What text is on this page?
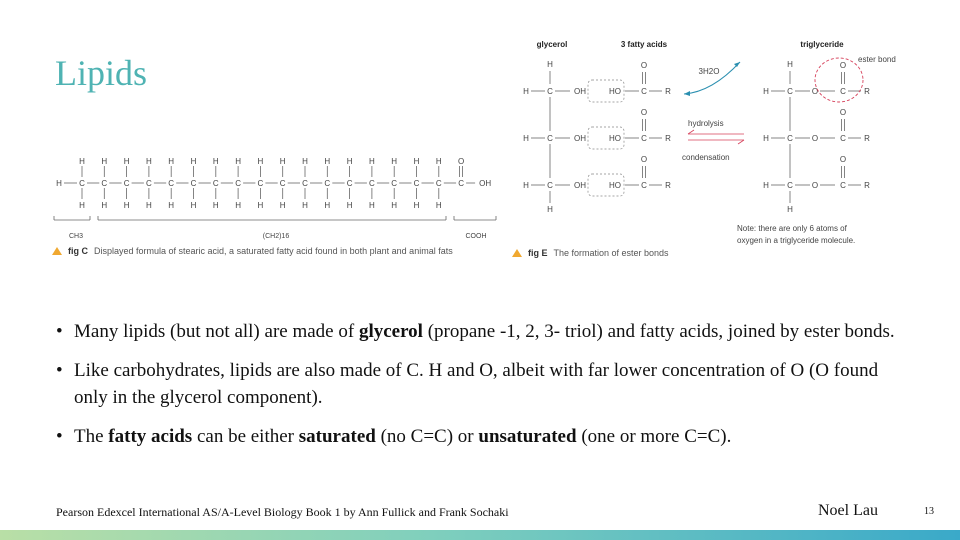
Lipids
H C
H
H
C
H
H
C
H
H
C
H
H
C
H
H
C
H
H
C
H
H
C
H
H
C
H
H
C
H
H
C
H
H
C
H
H
C
H
H
C
H
H
C
H
H
C
H
H
C
H
H
C
O
OH
CH3	(CH2)16	COOH
fig C Displayed formula of stearic acid, a saturated fatty acid found in both plant and animal fats
glycerol	3 fatty acids	triglyceride
H
H C	OH	HO	C
O
R
H C	OH	HO	C
O
R
H C	OH	HO	C
O
R
H
H
H C O	C
O
R
H C O	C
O
R
H C O	C
O
R
H
ester bond
3H2O
hydrolysis
condensation
Note: there are only 6 atoms of
oxygen in a triglyceride molecule.
fig E The formation of ester bonds
• Many lipids (but not all) are made of glycerol (propane -1, 2, 3- triol) and fatty acids, joined by ester bonds.
• Like carbohydrates, lipids are also made of C. H and O, albeit with far lower concentration of O (O found only in the glycerol component).
• The fatty acids can be either saturated (no C=C) or unsaturated (one or more C=C).
Pearson Edexcel International AS/A-Level Biology Book 1 by Ann Fullick and Frank Sochaki	Noel Lau	13
